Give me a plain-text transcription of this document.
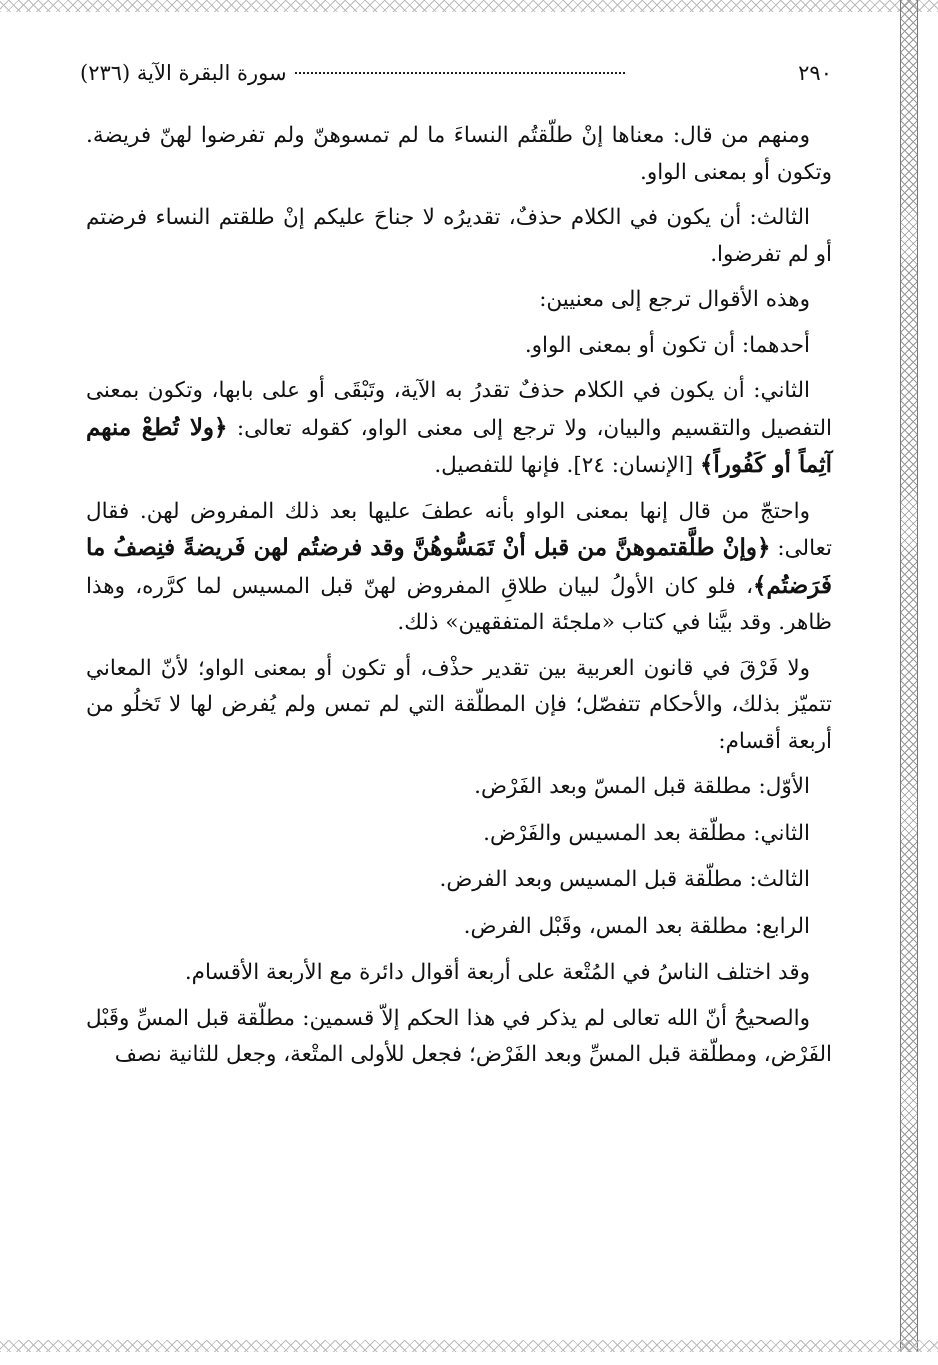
٢٩٠
سورة البقرة الآية (٢٣٦)

ومنهم من قال: معناها إنْ طلّقتُم النساءَ ما لم تمسوهنّ ولم تفرضوا لهنّ فريضة. وتكون أو بمعنى الواو.

الثالث: أن يكون في الكلام حذفٌ، تقديرُه لا جناحَ عليكم إنْ طلقتم النساء فرضتم أو لم تفرضوا.

وهذه الأقوال ترجع إلى معنيين:

أحدهما: أن تكون أو بمعنى الواو.

الثاني: أن يكون في الكلام حذفٌ تقدرُ به الآية، وتَبْقَى أو على بابها، وتكون بمعنى التفصيل والتقسيم والبيان، ولا ترجع إلى معنى الواو، كقوله تعالى: ﴿ولا تُطعْ منهم آثِماً أو كَفُوراً﴾ [الإنسان: ٢٤]. فإنها للتفصيل.

واحتجّ من قال إنها بمعنى الواو بأنه عطفَ عليها بعد ذلك المفروض لهن. فقال تعالى: ﴿وإنْ طلَّقتموهنَّ من قبل أنْ تَمَسُّوهُنَّ وقد فرضتُم لهن فَريضةً فنِصفُ ما فَرَضتُم﴾، فلو كان الأولُ لبيان طلاقِ المفروض لهنّ قبل المسيس لما كرَّره، وهذا ظاهر. وقد بيَّنا في كتاب «ملجئة المتفقهين» ذلك.

ولا فَرْقَ في قانون العربية بين تقدير حذْف، أو تكون أو بمعنى الواو؛ لأنّ المعاني تتميّز بذلك، والأحكام تتفصّل؛ فإن المطلّقة التي لم تمس ولم يُفرض لها لا تَخلُو من أربعة أقسام:

الأوّل: مطلقة قبل المسّ وبعد الفَرْض.

الثاني: مطلّقة بعد المسيس والفَرْض.

الثالث: مطلّقة قبل المسيس وبعد الفرض.

الرابع: مطلقة بعد المس، وقَبْل الفرض.

وقد اختلف الناسُ في المُتْعة على أربعة أقوال دائرة مع الأربعة الأقسام.

والصحيحُ أنّ الله تعالى لم يذكر في هذا الحكم إلاّ قسمين: مطلّقة قبل المسِّ وقَبْل الفَرْض، ومطلّقة قبل المسِّ وبعد الفَرْض؛ فجعل للأولى المتْعة، وجعل للثانية نصف
